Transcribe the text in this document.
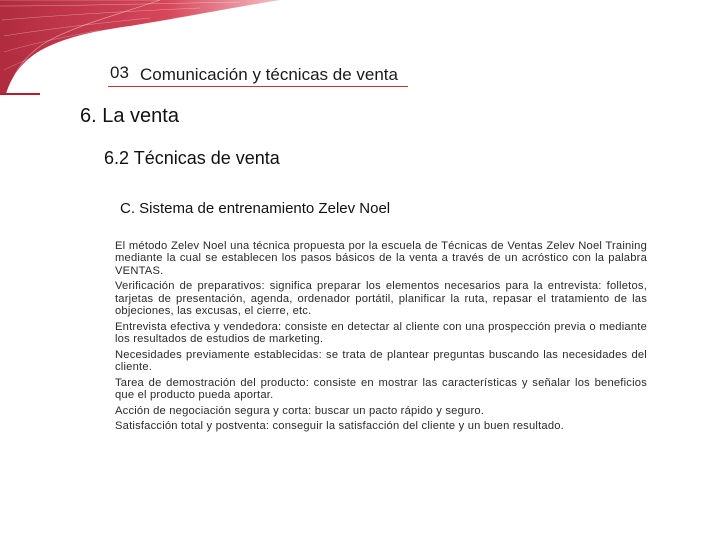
03 Comunicación y técnicas de venta
6. La venta
6.2 Técnicas de venta
C. Sistema de entrenamiento Zelev Noel

El método Zelev Noel una técnica propuesta por la escuela de Técnicas de Ventas Zelev Noel Training mediante la cual se establecen los pasos básicos de la venta a través de un acróstico con la palabra VENTAS.

Verificación de preparativos: significa preparar los elementos necesarios para la entrevista: folletos, tarjetas de presentación, agenda, ordenador portátil, planificar la ruta, repasar el tratamiento de las objeciones, las excusas, el cierre, etc.

Entrevista efectiva y vendedora: consiste en detectar al cliente con una prospección previa o mediante los resultados de estudios de marketing.

Necesidades previamente establecidas: se trata de plantear preguntas buscando las necesidades del cliente.

Tarea de demostración del producto: consiste en mostrar las características y señalar los beneficios que el producto pueda aportar.

Acción de negociación segura y corta: buscar un pacto rápido y seguro.

Satisfacción total y postventa: conseguir la satisfacción del cliente y un buen resultado.
